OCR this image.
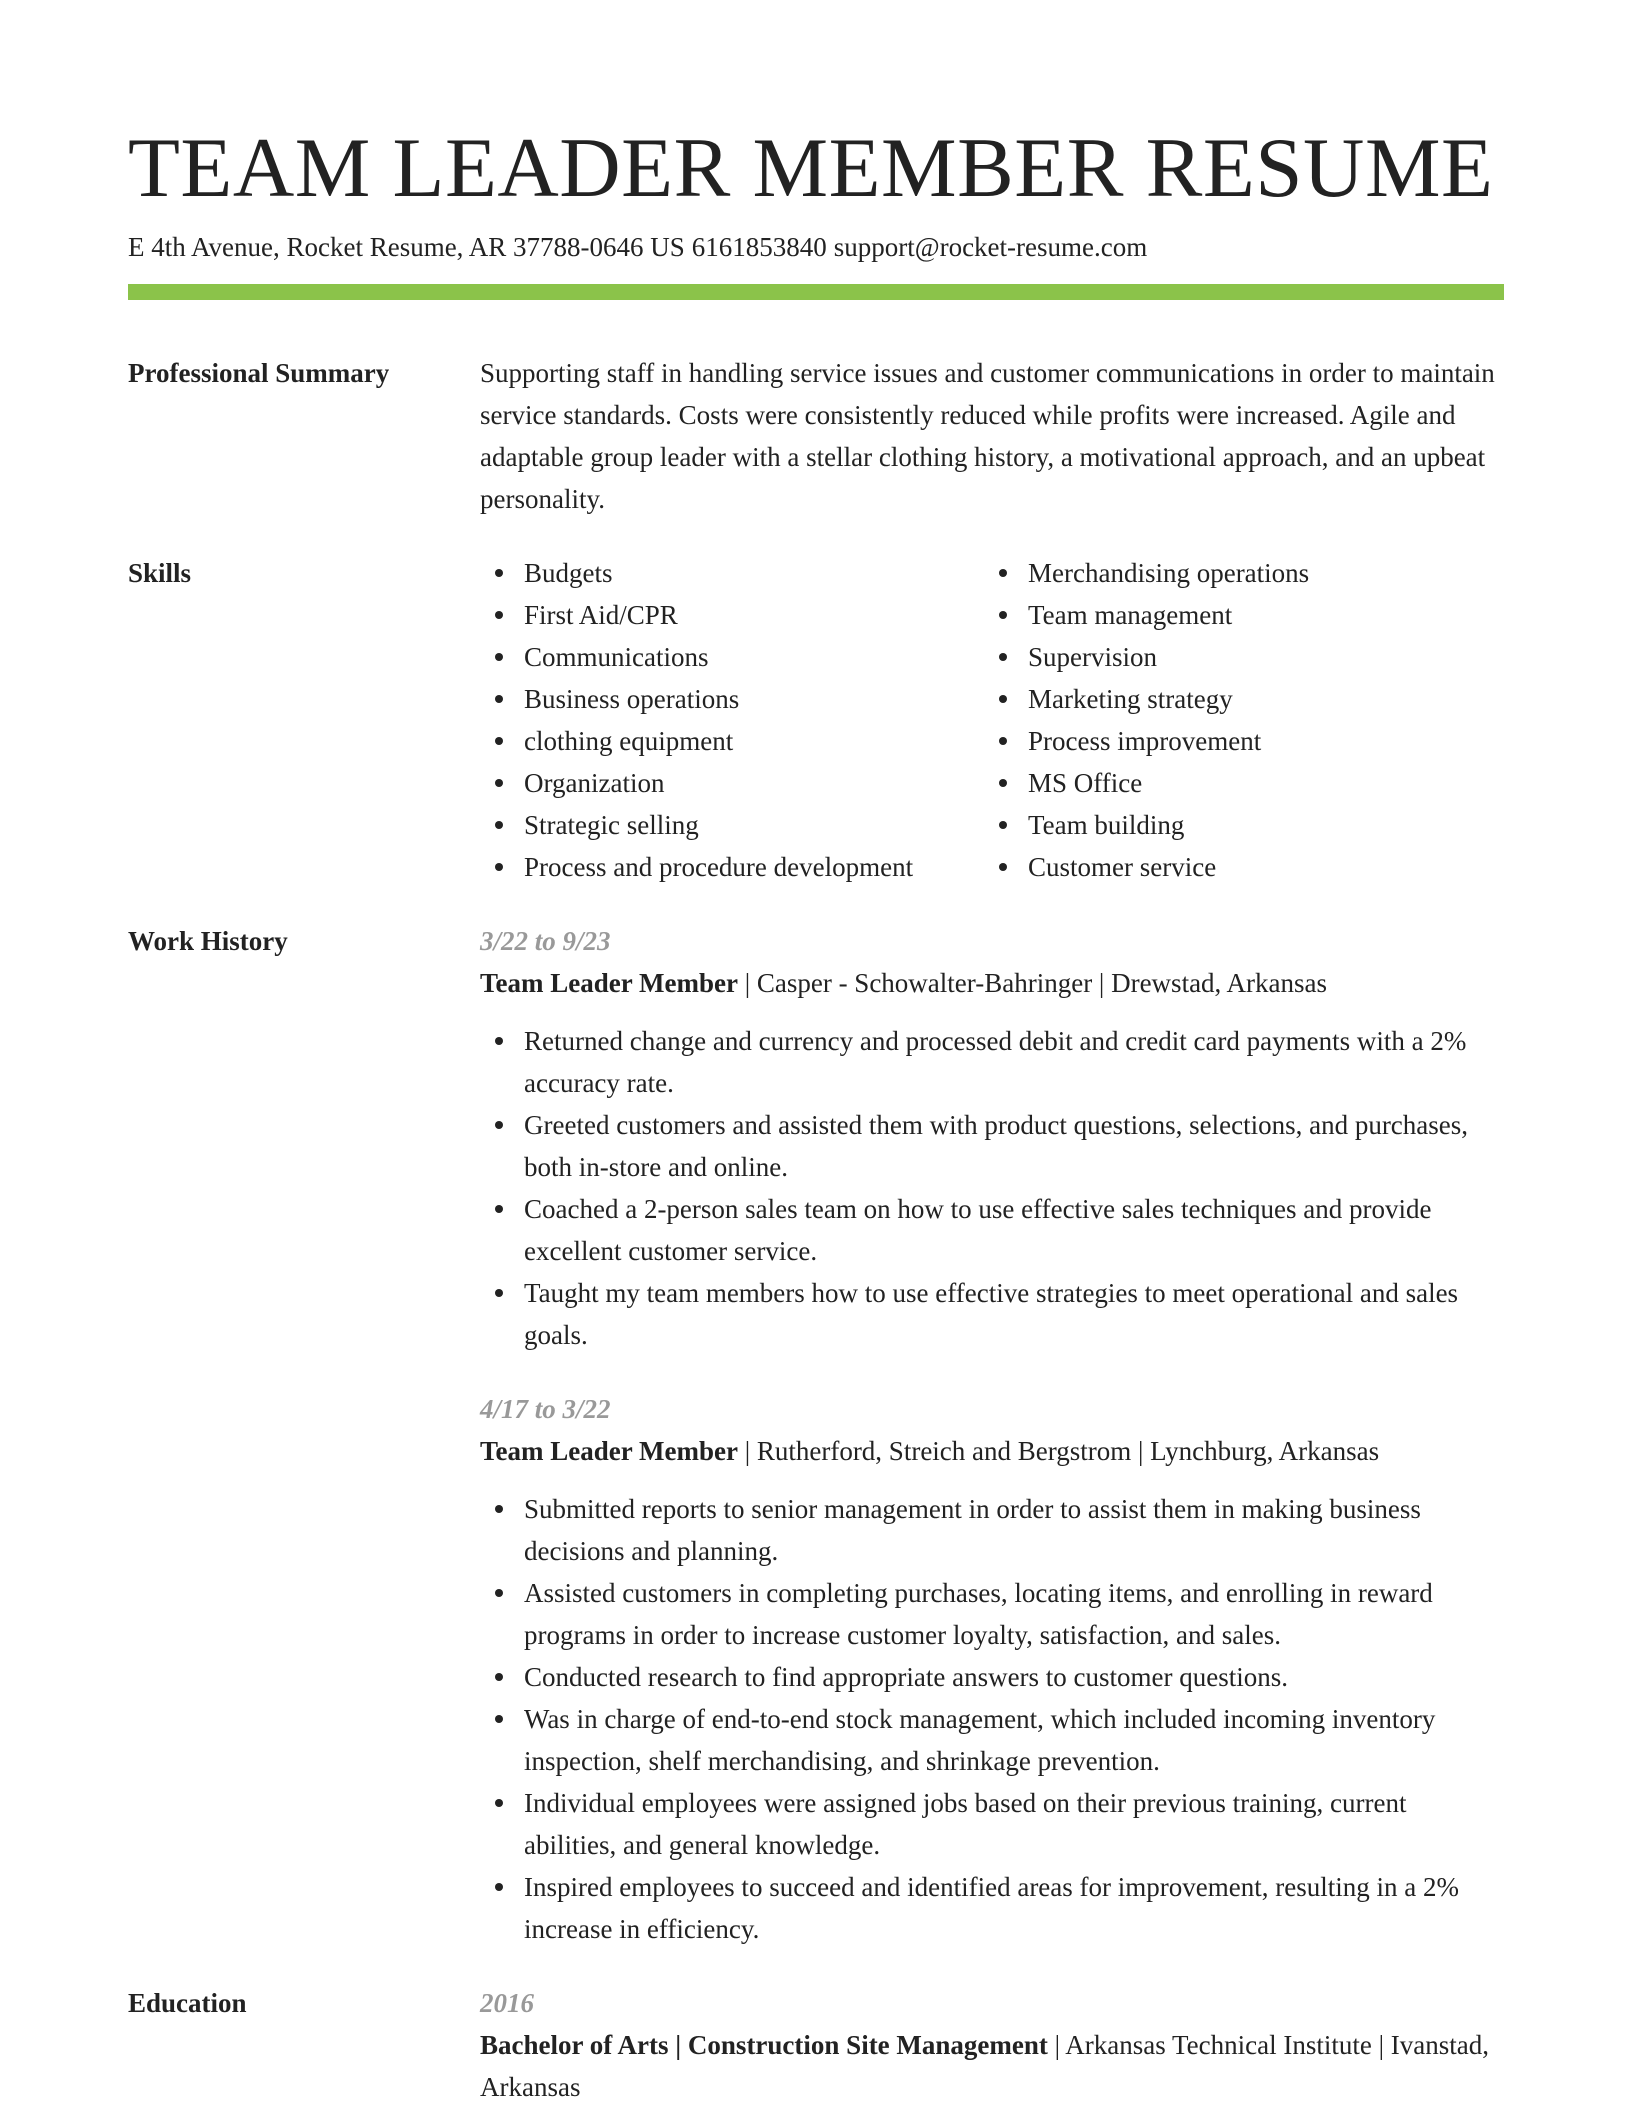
TEAM LEADER MEMBER RESUME
E 4th Avenue, Rocket Resume, AR 37788-0646 US 6161853840 support@rocket-resume.com
Professional Summary	Supporting staff in handling service issues and customer communications in order to maintain service standards. Costs were consistently reduced while profits were increased. Agile and adaptable group leader with a stellar clothing history, a motivational approach, and an upbeat personality.
Skills	Budgets
First Aid/CPR
Communications
Business operations
clothing equipment
Organization
Strategic selling
Process and procedure development
Merchandising operations
Team management
Supervision
Marketing strategy
Process improvement
MS Office
Team building
Customer service
Work History	3/22 to 9/23
Team Leader Member | Casper - Schowalter-Bahringer | Drewstad, Arkansas
Returned change and currency and processed debit and credit card payments with a 2% accuracy rate.
Greeted customers and assisted them with product questions, selections, and purchases, both in-store and online.
Coached a 2-person sales team on how to use effective sales techniques and provide excellent customer service.
Taught my team members how to use effective strategies to meet operational and sales goals.
4/17 to 3/22
Team Leader Member | Rutherford, Streich and Bergstrom | Lynchburg, Arkansas
Submitted reports to senior management in order to assist them in making business decisions and planning.
Assisted customers in completing purchases, locating items, and enrolling in reward programs in order to increase customer loyalty, satisfaction, and sales.
Conducted research to find appropriate answers to customer questions.
Was in charge of end-to-end stock management, which included incoming inventory inspection, shelf merchandising, and shrinkage prevention.
Individual employees were assigned jobs based on their previous training, current abilities, and general knowledge.
Inspired employees to succeed and identified areas for improvement, resulting in a 2% increase in efficiency.
Education	2016
Bachelor of Arts | Construction Site Management | Arkansas Technical Institute | Ivanstad, Arkansas
